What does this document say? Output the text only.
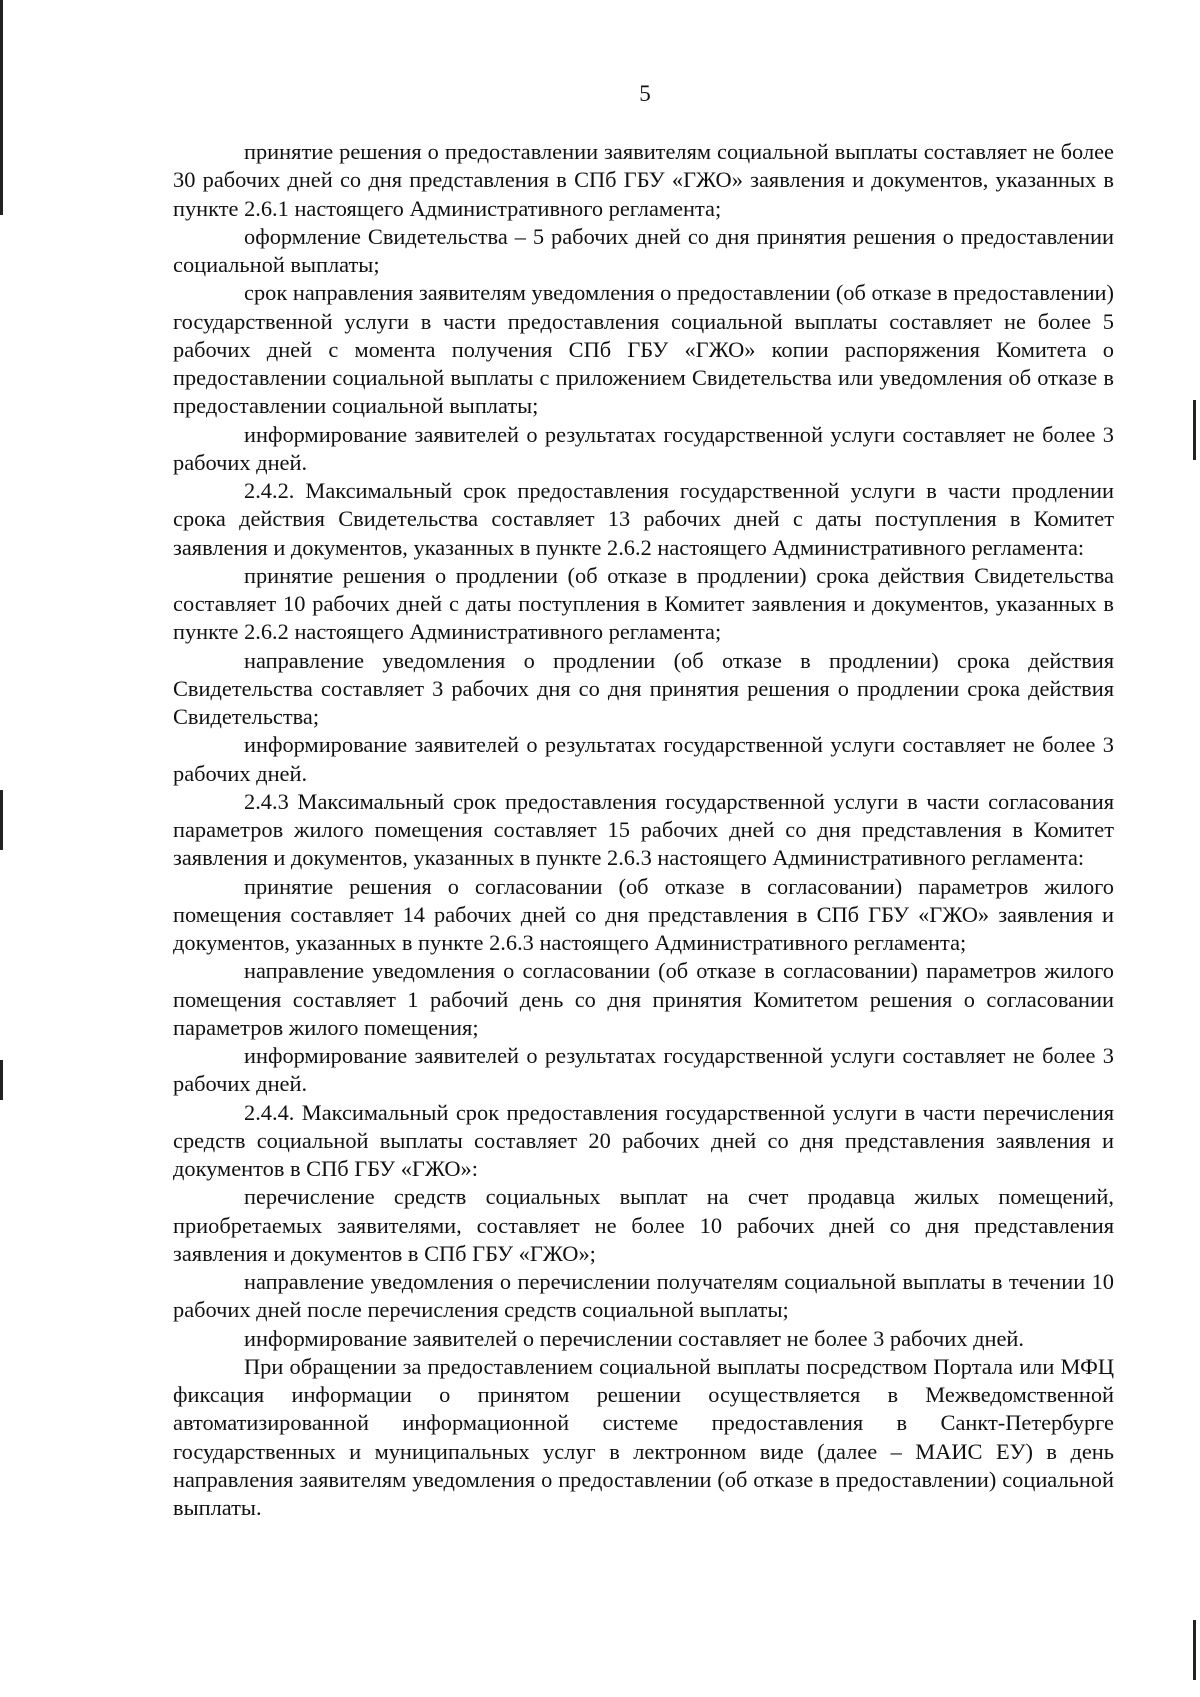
5

принятие решения о предоставлении заявителям социальной выплаты составляет не более 30 рабочих дней со дня представления в СПб ГБУ «ГЖО» заявления и документов, указанных в пункте 2.6.1 настоящего Административного регламента;

оформление Свидетельства – 5 рабочих дней со дня принятия решения о предоставлении социальной выплаты;

срок направления заявителям уведомления о предоставлении (об отказе в предоставлении) государственной услуги в части предоставления социальной выплаты составляет не более 5 рабочих дней с момента получения СПб ГБУ «ГЖО» копии распоряжения Комитета о предоставлении социальной выплаты с приложением Свидетельства или уведомления об отказе в предоставлении социальной выплаты;

информирование заявителей о результатах государственной услуги составляет не более 3 рабочих дней.

2.4.2. Максимальный срок предоставления государственной услуги в части продлении срока действия Свидетельства составляет 13 рабочих дней с даты поступления в Комитет заявления и документов, указанных в пункте 2.6.2 настоящего Административного регламента:

принятие решения о продлении (об отказе в продлении) срока действия Свидетельства составляет 10 рабочих дней с даты поступления в Комитет заявления и документов, указанных в пункте 2.6.2 настоящего Административного регламента;

направление уведомления о продлении (об отказе в продлении) срока действия Свидетельства составляет 3 рабочих дня со дня принятия решения о продлении срока действия Свидетельства;

информирование заявителей о результатах государственной услуги составляет не более 3 рабочих дней.

2.4.3 Максимальный срок предоставления государственной услуги в части согласования параметров жилого помещения составляет 15 рабочих дней со дня представления в Комитет заявления и документов, указанных в пункте 2.6.3 настоящего Административного регламента:

принятие решения о согласовании (об отказе в согласовании) параметров жилого помещения составляет 14 рабочих дней со дня представления в СПб ГБУ «ГЖО» заявления и документов, указанных в пункте 2.6.3 настоящего Административного регламента;

направление уведомления о согласовании (об отказе в согласовании) параметров жилого помещения составляет 1 рабочий день со дня принятия Комитетом решения о согласовании параметров жилого помещения;

информирование заявителей о результатах государственной услуги составляет не более 3 рабочих дней.

2.4.4. Максимальный срок предоставления государственной услуги в части перечисления средств социальной выплаты составляет 20 рабочих дней со дня представления заявления и документов в СПб ГБУ «ГЖО»:

перечисление средств социальных выплат на счет продавца жилых помещений, приобретаемых заявителями, составляет не более 10 рабочих дней со дня представления заявления и документов в СПб ГБУ «ГЖО»;

направление уведомления о перечислении получателям социальной выплаты в течении 10 рабочих дней после перечисления средств социальной выплаты;

информирование заявителей о перечислении составляет не более 3 рабочих дней.

При обращении за предоставлением социальной выплаты посредством Портала или МФЦ фиксация информации о принятом решении осуществляется в Межведомственной автоматизированной информационной системе предоставления в Санкт-Петербурге государственных и муниципальных услуг в лектронном виде (далее – МАИС ЕУ) в день направления заявителям уведомления о предоставлении (об отказе в предоставлении) социальной выплаты.
